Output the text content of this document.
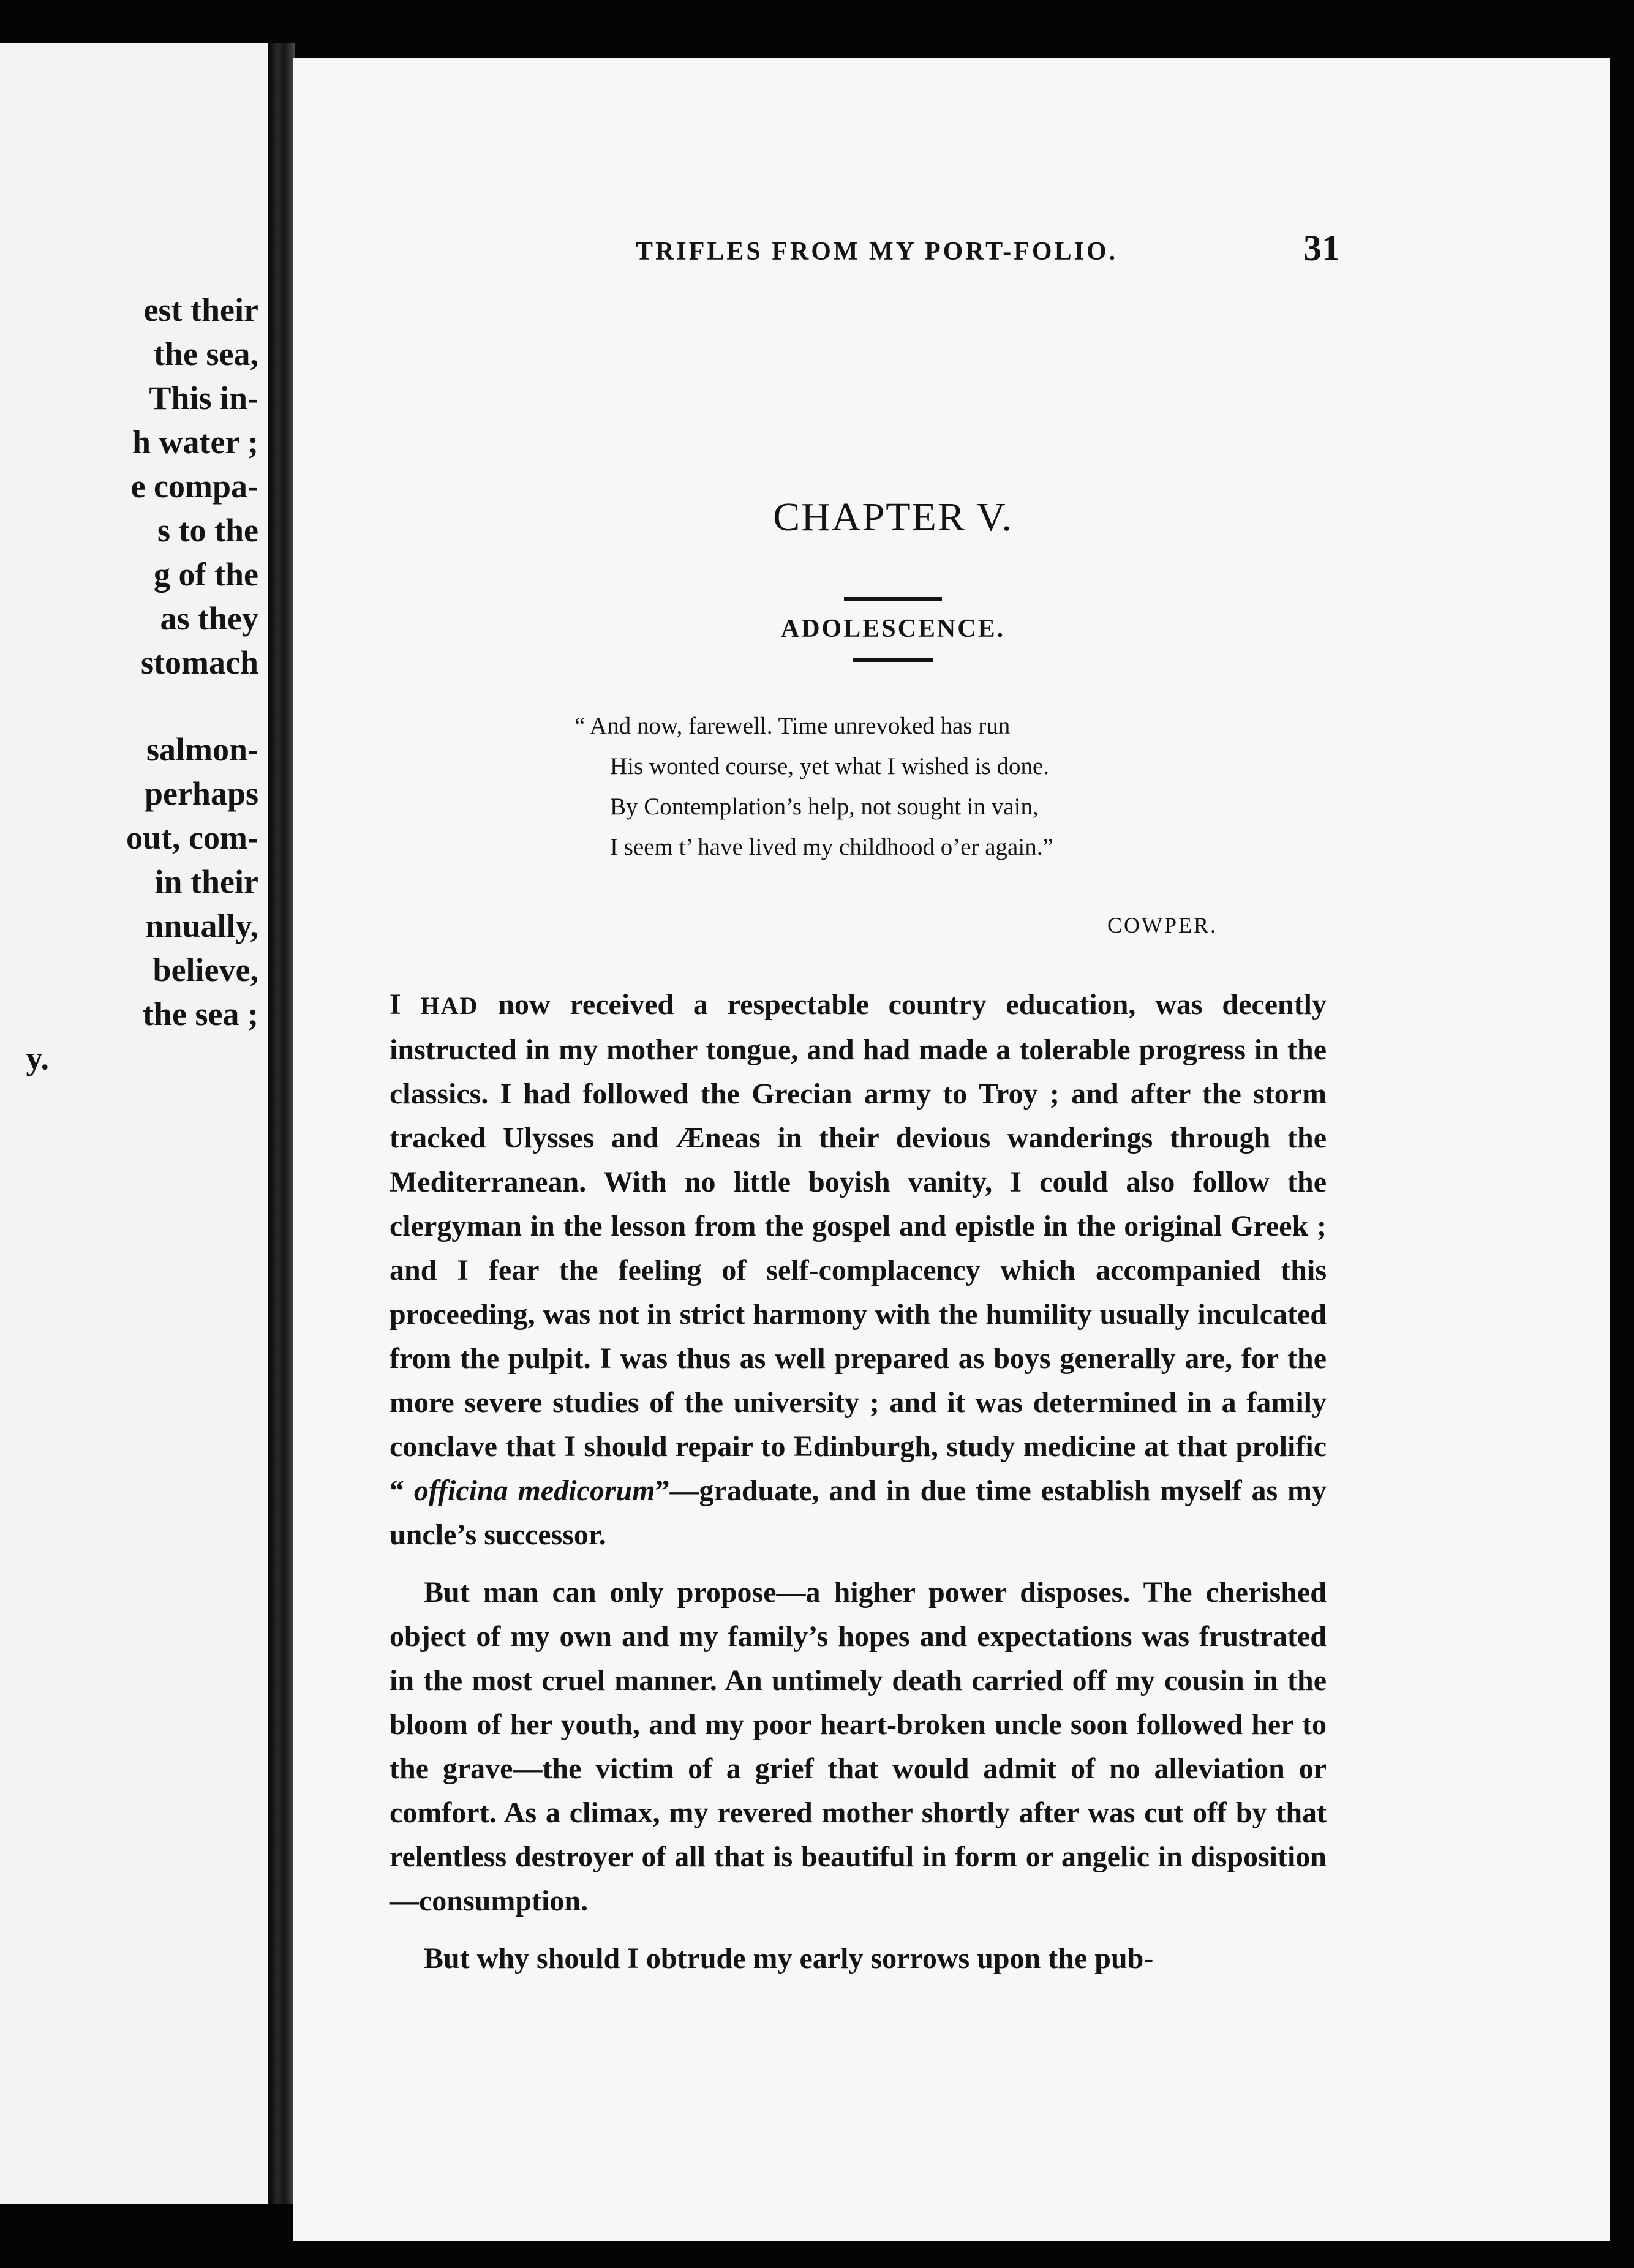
est their
the sea,
This in-
h water ;
e compa-
s to the
g of the
as they
stomach
salmon-
perhaps
out, com-
in their
nnually,
believe,
the sea ;
y.
TRIFLES FROM MY PORT-FOLIO.	31
CHAPTER V.
ADOLESCENCE.
“ And now, farewell. Time unrevoked has run
His wonted course, yet what I wished is done.
By Contemplation’s help, not sought in vain,
I seem t’ have lived my childhood o’er again.”
COWPER.

I HAD now received a respectable country education, was decently instructed in my mother tongue, and had made a tolerable progress in the classics. I had followed the Grecian army to Troy ; and after the storm tracked Ulysses and Æneas in their devious wanderings through the Mediterranean. With no little boyish vanity, I could also follow the clergyman in the lesson from the gospel and epistle in the original Greek ; and I fear the feeling of self-complacency which accompanied this proceeding, was not in strict harmony with the humility usually inculcated from the pulpit. I was thus as well prepared as boys generally are, for the more severe studies of the university ; and it was determined in a family conclave that I should repair to Edinburgh, study medicine at that prolific “ officina medicorum”—graduate, and in due time establish myself as my uncle’s successor.

But man can only propose—a higher power disposes. The cherished object of my own and my family’s hopes and expectations was frustrated in the most cruel manner. An untimely death carried off my cousin in the bloom of her youth, and my poor heart-broken uncle soon followed her to the grave—the victim of a grief that would admit of no alleviation or comfort. As a climax, my revered mother shortly after was cut off by that relentless destroyer of all that is beautiful in form or angelic in disposition—consumption.

But why should I obtrude my early sorrows upon the pub-
